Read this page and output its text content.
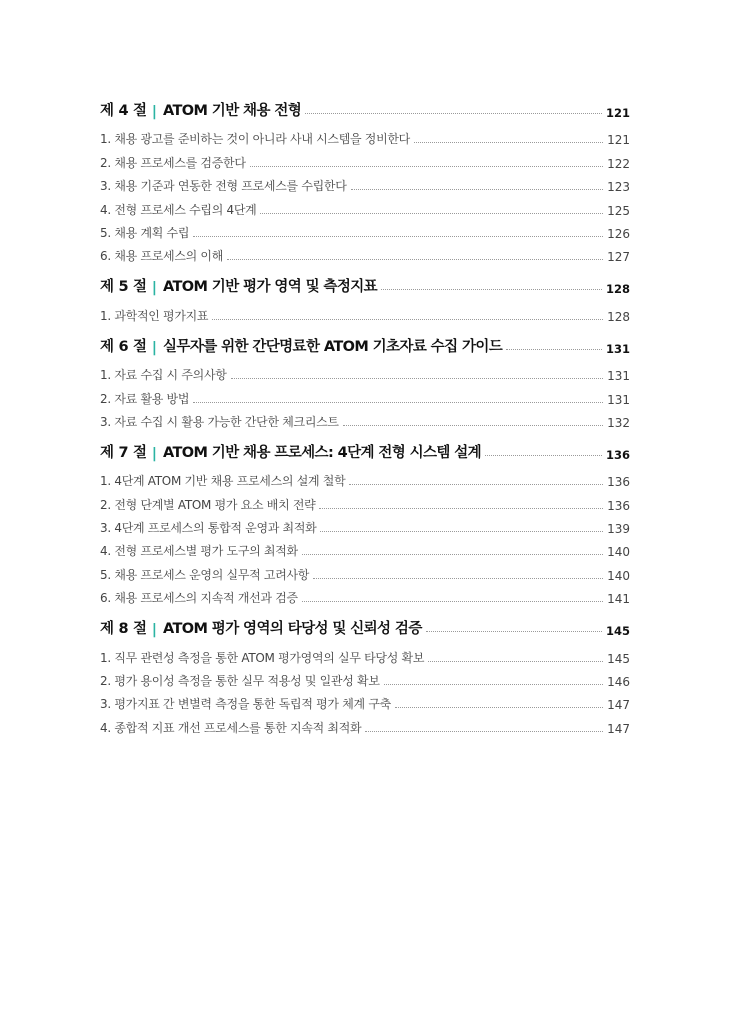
제 4 절 | ATOM 기반 채용 전형	121
1. 채용 광고를 준비하는 것이 아니라 사내 시스템을 정비한다	121
2. 채용 프로세스를 검증한다	122
3. 채용 기준과 연동한 전형 프로세스를 수립한다	123
4. 전형 프로세스 수립의 4단계	125
5. 채용 계획 수립	126
6. 채용 프로세스의 이해	127
제 5 절 | ATOM 기반 평가 영역 및 측정지표	128
1. 과학적인 평가지표	128
제 6 절 | 실무자를 위한 간단명료한 ATOM 기초자료 수집 가이드	131
1. 자료 수집 시 주의사항	131
2. 자료 활용 방법	131
3. 자료 수집 시 활용 가능한 간단한 체크리스트	132
제 7 절 | ATOM 기반 채용 프로세스: 4단계 전형 시스템 설계	136
1. 4단계 ATOM 기반 채용 프로세스의 설계 철학	136
2. 전형 단계별 ATOM 평가 요소 배치 전략	136
3. 4단계 프로세스의 통합적 운영과 최적화	139
4. 전형 프로세스별 평가 도구의 최적화	140
5. 채용 프로세스 운영의 실무적 고려사항	140
6. 채용 프로세스의 지속적 개선과 검증	141
제 8 절 | ATOM 평가 영역의 타당성 및 신뢰성 검증	145
1. 직무 관련성 측정을 통한 ATOM 평가영역의 실무 타당성 확보	145
2. 평가 용이성 측정을 통한 실무 적용성 및 일관성 확보	146
3. 평가지표 간 변별력 측정을 통한 독립적 평가 체계 구축	147
4. 종합적 지표 개선 프로세스를 통한 지속적 최적화	147
